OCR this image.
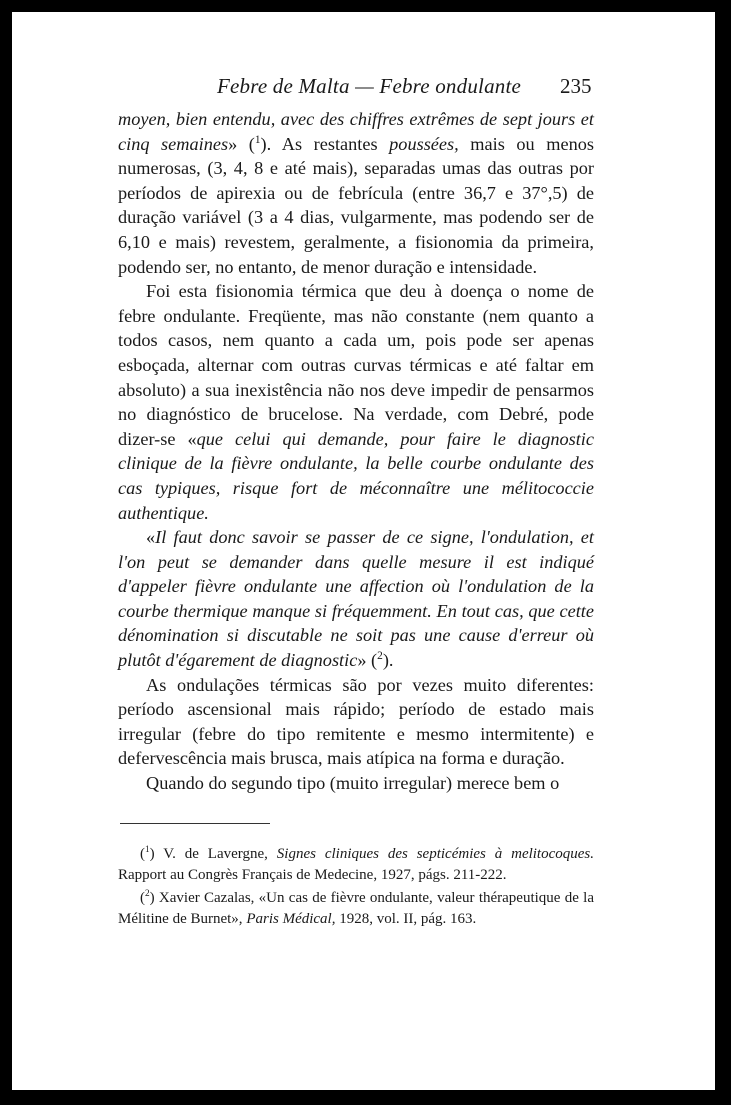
Febre de Malta — Febre ondulante 235

moyen, bien entendu, avec des chiffres extrêmes de sept jours et cinq semaines» ($^1$). As restantes poussées, mais ou menos numerosas, (3, 4, 8 e até mais), separadas umas das outras por períodos de apirexia ou de febrícula (entre 36,7 e 37°,5) de duração variável (3 a 4 dias, vulgarmente, mas podendo ser de 6,10 e mais) revestem, geralmente, a fisionomia da primeira, podendo ser, no entanto, de menor duração e intensidade.

Foi esta fisionomia térmica que deu à doença o nome de febre ondulante. Freqüente, mas não constante (nem quanto a todos casos, nem quanto a cada um, pois pode ser apenas esboçada, alternar com outras curvas térmicas e até faltar em absoluto) a sua inexistência não nos deve impedir de pensarmos no diagnóstico de brucelose. Na verdade, com Debré, pode dizer-se «que celui qui demande, pour faire le diagnostic clinique de la fièvre ondulante, la belle courbe ondulante des cas typiques, risque fort de méconnaître une mélitococcie authentique.

«Il faut donc savoir se passer de ce signe, l'ondulation, et l'on peut se demander dans quelle mesure il est indiqué d'appeler fièvre ondulante une affection où l'ondulation de la courbe thermique manque si fréquemment. En tout cas, que cette dénomination si discutable ne soit pas une cause d'erreur où plutôt d'égarement de diagnostic» ($^2$).

As ondulações térmicas são por vezes muito diferentes: período ascensional mais rápido; período de estado mais irregular (febre do tipo remitente e mesmo intermitente) e defervescência mais brusca, mais atípica na forma e duração.

Quando do segundo tipo (muito irregular) merece bem o

($^1$) V. de Lavergne, Signes cliniques des septicémies à melitocoques. Rapport au Congrès Français de Medecine, 1927, págs. 211-222.

($^2$) Xavier Cazalas, «Un cas de fièvre ondulante, valeur thérapeutique de la Mélitine de Burnet», Paris Médical, 1928, vol. II, pág. 163.
